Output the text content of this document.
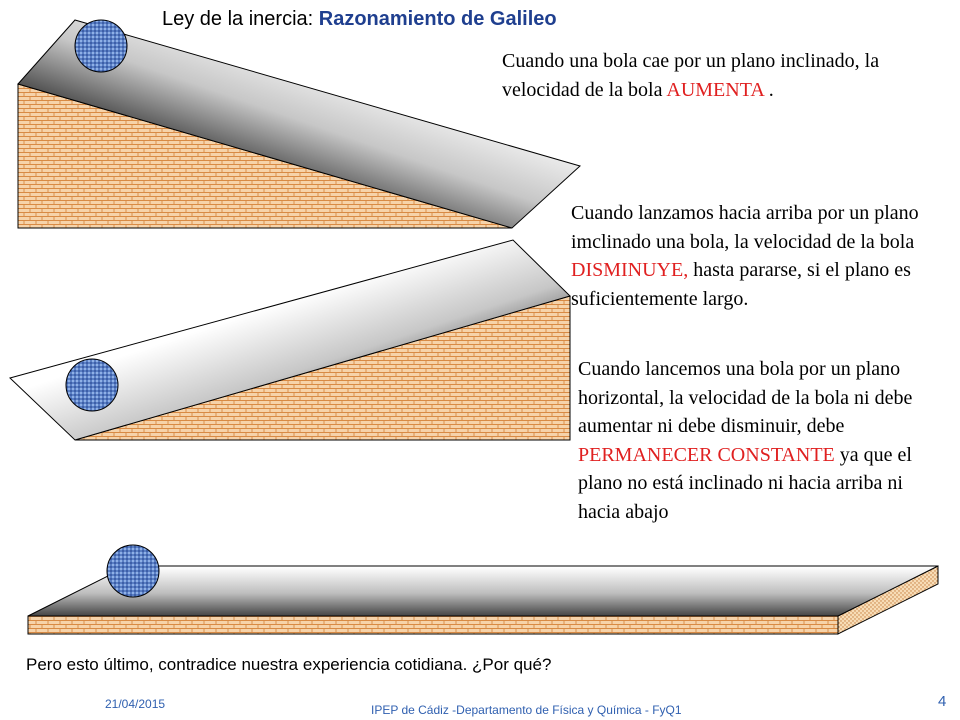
Ley de la inercia: Razonamiento de Galileo
Cuando una bola cae por un plano inclinado, la velocidad de la bola AUMENTA .
Cuando lanzamos hacia arriba por un plano imclinado una bola, la velocidad de la bola DISMINUYE, hasta pararse, si el plano es suficientemente largo.
Cuando lancemos una bola por un plano horizontal, la velocidad de la bola ni debe aumentar ni debe disminuir, debe PERMANECER CONSTANTE ya que el plano no está inclinado ni hacia arriba ni hacia abajo
Pero esto último, contradice nuestra experiencia cotidiana. ¿Por qué?
21/04/2015	IPEP de Cádiz -Departamento de Física y Química - FyQ1	4
